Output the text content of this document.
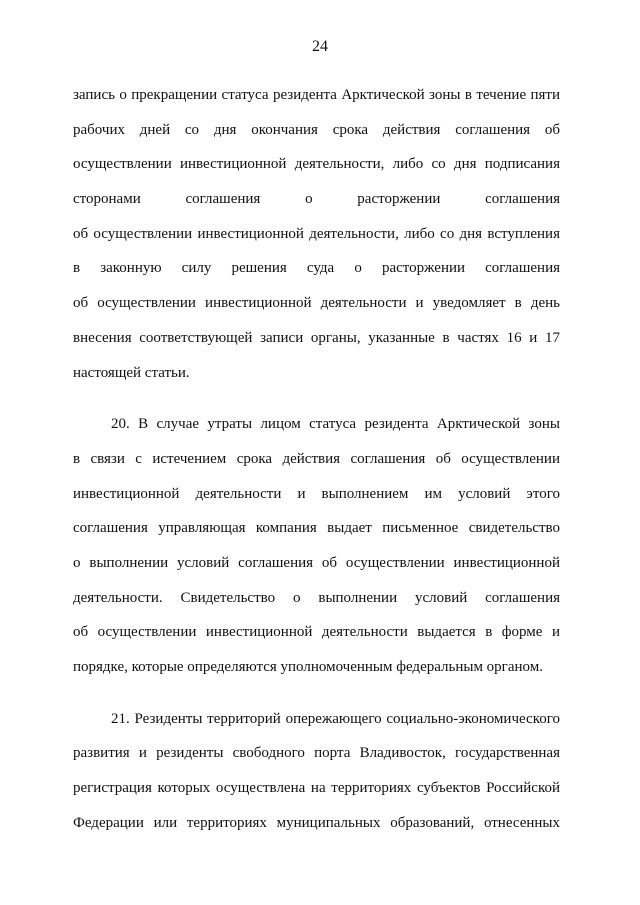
24
запись о прекращении статуса резидента Арктической зоны в течение пяти
рабочих дней со дня окончания срока действия соглашения об
осуществлении инвестиционной деятельности, либо со дня подписания
сторонами соглашения о расторжении соглашения
об осуществлении инвестиционной деятельности, либо со дня вступления
в законную силу решения суда о расторжении соглашения
об осуществлении инвестиционной деятельности и уведомляет в день
внесения соответствующей записи органы, указанные в частях 16 и 17
настоящей статьи.
20. В случае утраты лицом статуса резидента Арктической зоны
в связи с истечением срока действия соглашения об осуществлении
инвестиционной деятельности и выполнением им условий этого
соглашения управляющая компания выдает письменное свидетельство
о выполнении условий соглашения об осуществлении инвестиционной
деятельности. Свидетельство о выполнении условий соглашения
об осуществлении инвестиционной деятельности выдается в форме и
порядке, которые определяются уполномоченным федеральным органом.
21. Резиденты территорий опережающего социально-экономического
развития и резиденты свободного порта Владивосток, государственная
регистрация которых осуществлена на территориях субъектов Российской
Федерации или территориях муниципальных образований, отнесенных
